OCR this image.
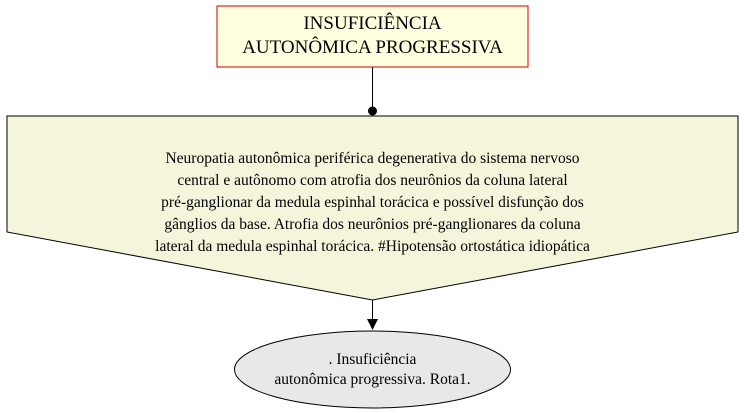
INSUFICIÊNCIA
AUTONÔMICA PROGRESSIVA
Neuropatia autonômica periférica degenerativa do sistema nervoso
central e autônomo com atrofia dos neurônios da coluna lateral
pré-ganglionar da medula espinhal torácica e possível disfunção dos
gânglios da base. Atrofia dos neurônios pré-ganglionares da coluna
lateral da medula espinhal torácica. #Hipotensão ortostática idiopática
. Insuficiência
autonômica progressiva. Rota1.
